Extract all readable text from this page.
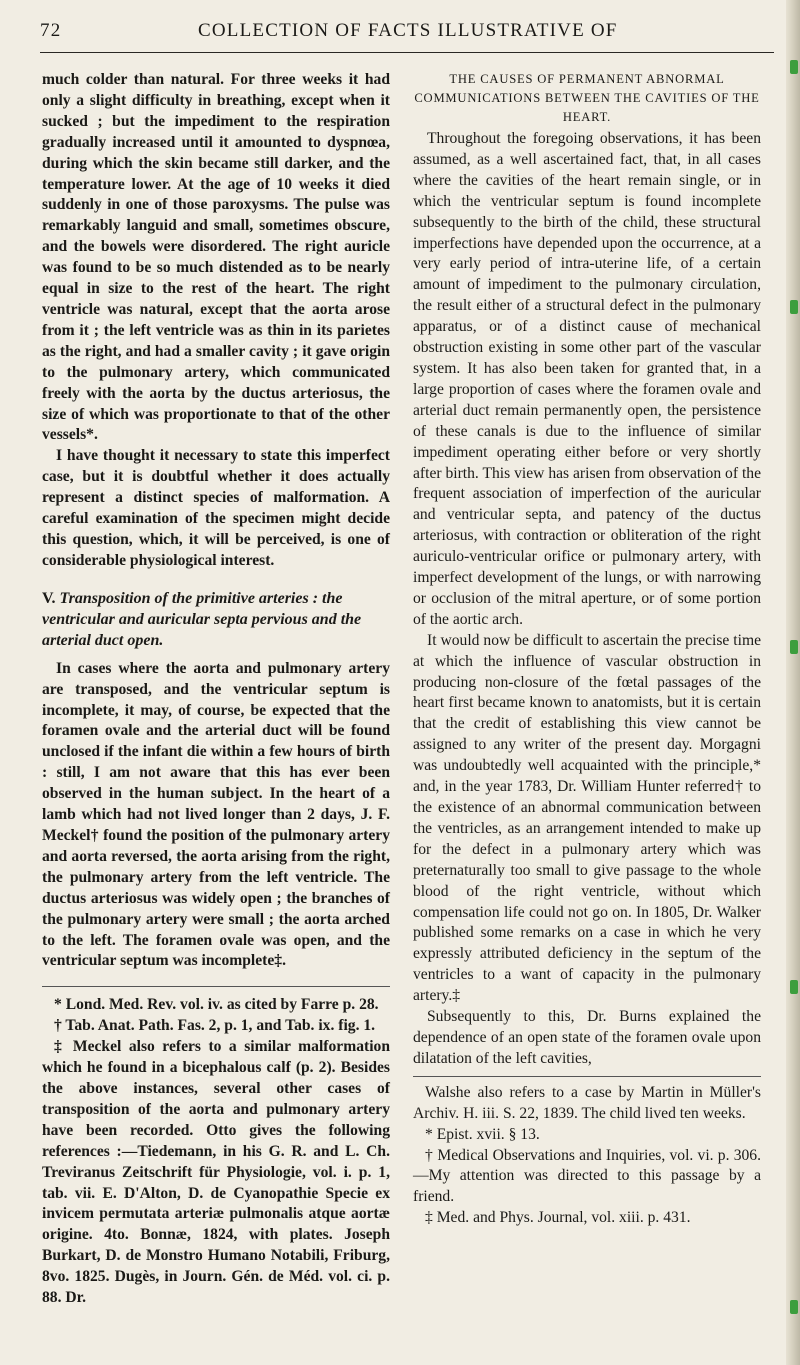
72	COLLECTION OF FACTS ILLUSTRATIVE OF

much colder than natural. For three weeks it had only a slight difficulty in breathing, except when it sucked ; but the impediment to the respiration gradually increased until it amounted to dyspnœa, during which the skin became still darker, and the temperature lower. At the age of 10 weeks it died suddenly in one of those paroxysms. The pulse was remarkably languid and small, sometimes obscure, and the bowels were disordered. The right auricle was found to be so much distended as to be nearly equal in size to the rest of the heart. The right ventricle was natural, except that the aorta arose from it ; the left ventricle was as thin in its parietes as the right, and had a smaller cavity ; it gave origin to the pulmonary artery, which communicated freely with the aorta by the ductus arteriosus, the size of which was proportionate to that of the other vessels*.

I have thought it necessary to state this imperfect case, but it is doubtful whether it does actually represent a distinct species of malformation. A careful examination of the specimen might decide this question, which, it will be perceived, is one of considerable physiological interest.

V. Transposition of the primitive arteries : the ventricular and auricular septa pervious and the arterial duct open.

In cases where the aorta and pulmonary artery are transposed, and the ventricular septum is incomplete, it may, of course, be expected that the foramen ovale and the arterial duct will be found unclosed if the infant die within a few hours of birth : still, I am not aware that this has ever been observed in the human subject. In the heart of a lamb which had not lived longer than 2 days, J. F. Meckel† found the position of the pulmonary artery and aorta reversed, the aorta arising from the right, the pulmonary artery from the left ventricle. The ductus arteriosus was widely open ; the branches of the pulmonary artery were small ; the aorta arched to the left. The foramen ovale was open, and the ventricular septum was incomplete‡.

* Lond. Med. Rev. vol. iv. as cited by Farre p. 28.

† Tab. Anat. Path. Fas. 2, p. 1, and Tab. ix. fig. 1.

‡ Meckel also refers to a similar malformation which he found in a bicephalous calf (p. 2). Besides the above instances, several other cases of transposition of the aorta and pulmonary artery have been recorded. Otto gives the following references :—Tiedemann, in his G. R. and L. Ch. Treviranus Zeitschrift für Physiologie, vol. i. p. 1, tab. vii. E. D'Alton, D. de Cyanopathie Specie ex invicem permutata arteriæ pulmonalis atque aortæ origine. 4to. Bonnæ, 1824, with plates. Joseph Burkart, D. de Monstro Humano Notabili, Friburg, 8vo. 1825. Dugès, in Journ. Gén. de Méd. vol. ci. p. 88. Dr.

THE CAUSES OF PERMANENT ABNORMAL COMMUNICATIONS BETWEEN THE CAVITIES OF THE HEART.

Throughout the foregoing observations, it has been assumed, as a well ascertained fact, that, in all cases where the cavities of the heart remain single, or in which the ventricular septum is found incomplete subsequently to the birth of the child, these structural imperfections have depended upon the occurrence, at a very early period of intra-uterine life, of a certain amount of impediment to the pulmonary circulation, the result either of a structural defect in the pulmonary apparatus, or of a distinct cause of mechanical obstruction existing in some other part of the vascular system. It has also been taken for granted that, in a large proportion of cases where the foramen ovale and arterial duct remain permanently open, the persistence of these canals is due to the influence of similar impediment operating either before or very shortly after birth. This view has arisen from observation of the frequent association of imperfection of the auricular and ventricular septa, and patency of the ductus arteriosus, with contraction or obliteration of the right auriculo-ventricular orifice or pulmonary artery, with imperfect development of the lungs, or with narrowing or occlusion of the mitral aperture, or of some portion of the aortic arch.

It would now be difficult to ascertain the precise time at which the influence of vascular obstruction in producing non-closure of the fœtal passages of the heart first became known to anatomists, but it is certain that the credit of establishing this view cannot be assigned to any writer of the present day. Morgagni was undoubtedly well acquainted with the principle,* and, in the year 1783, Dr. William Hunter referred† to the existence of an abnormal communication between the ventricles, as an arrangement intended to make up for the defect in a pulmonary artery which was preternaturally too small to give passage to the whole blood of the right ventricle, without which compensation life could not go on. In 1805, Dr. Walker published some remarks on a case in which he very expressly attributed deficiency in the septum of the ventricles to a want of capacity in the pulmonary artery.‡

Subsequently to this, Dr. Burns explained the dependence of an open state of the foramen ovale upon dilatation of the left cavities,

Walshe also refers to a case by Martin in Müller's Archiv. H. iii. S. 22, 1839. The child lived ten weeks.

* Epist. xvii. § 13.

† Medical Observations and Inquiries, vol. vi. p. 306.—My attention was directed to this passage by a friend.

‡ Med. and Phys. Journal, vol. xiii. p. 431.
